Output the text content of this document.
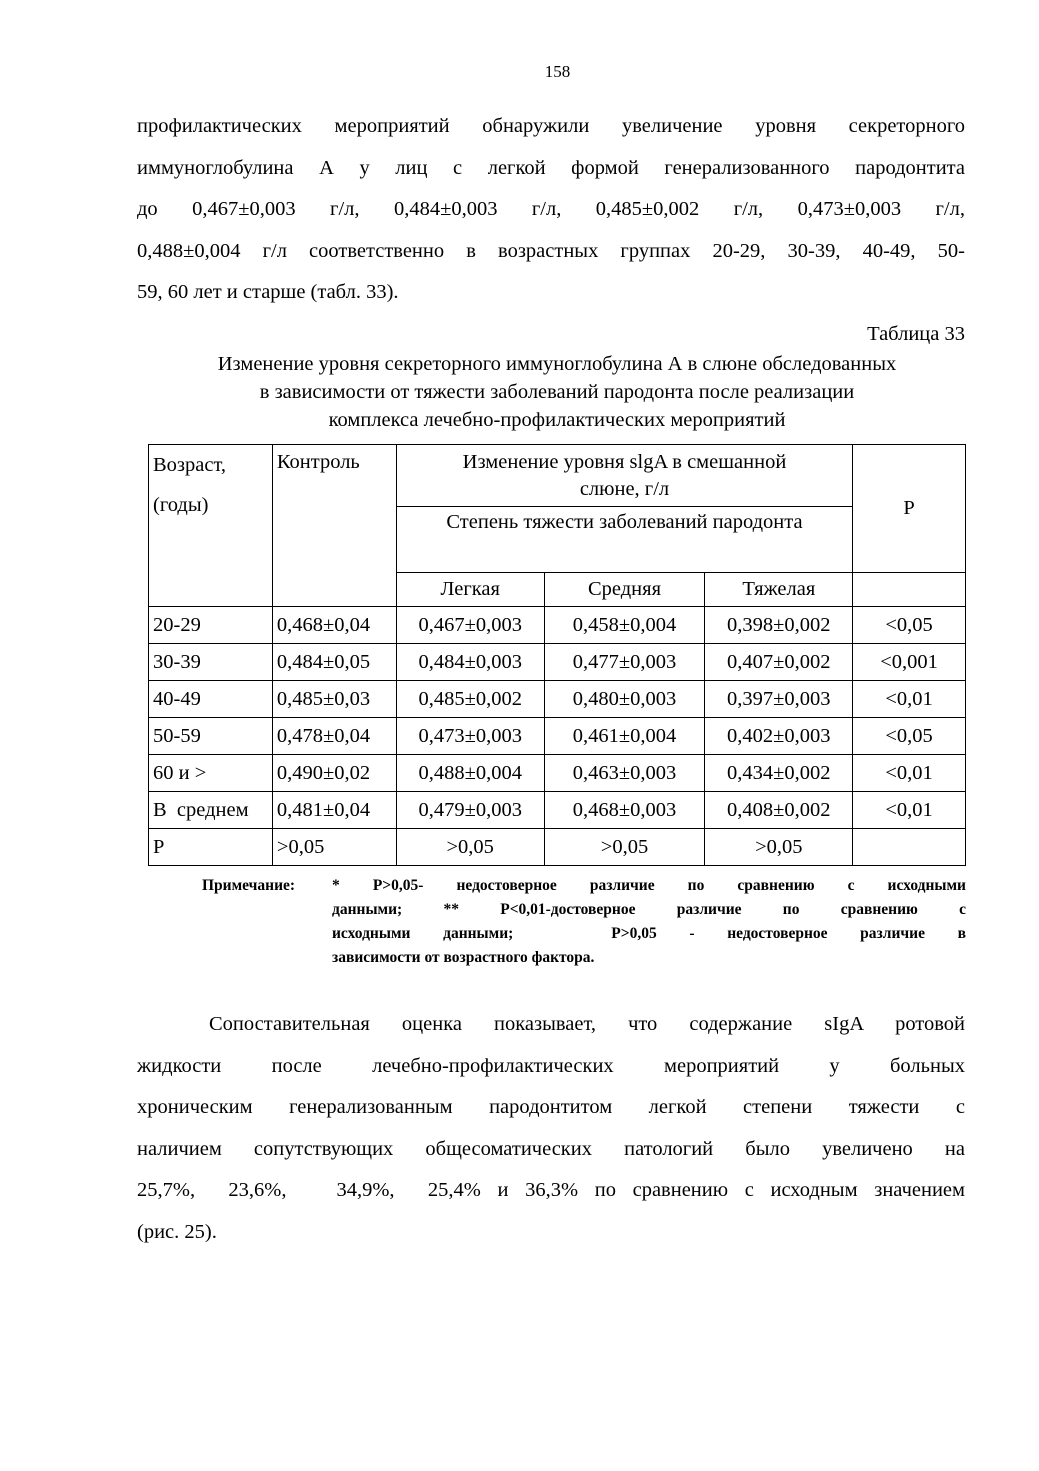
158
профилактических мероприятий обнаружили увеличение уровня секреторного
иммуноглобулина А у лиц с легкой формой генерализованного пародонтита
до 0,467±0,003 г/л, 0,484±0,003 г/л, 0,485±0,002 г/л, 0,473±0,003 г/л,
0,488±0,004 г/л соответственно в возрастных группах 20-29, 30-39, 40-49, 50-
59, 60 лет и старше (табл. 33).
Таблица 33
Изменение уровня секреторного иммуноглобулина А в слюне обследованных
в зависимости от тяжести заболеваний пародонта после реализации
комплекса лечебно-профилактических мероприятий
Возраст,
(годы)	Контроль	Изменение уровня slgA в смешанной слюне, г/л			P
		Степень тяжести заболеваний пародонта			
		Легкая	Средняя	Тяжелая	
20-29	0,468±0,04	0,467±0,003	0,458±0,004	0,398±0,002	<0,05
30-39	0,484±0,05	0,484±0,003	0,477±0,003	0,407±0,002	<0,001
40-49	0,485±0,03	0,485±0,002	0,480±0,003	0,397±0,003	<0,01
50-59	0,478±0,04	0,473±0,003	0,461±0,004	0,402±0,003	<0,05
60 и >	0,490±0,02	0,488±0,004	0,463±0,003	0,434±0,002	<0,01
В  среднем	0,481±0,04	0,479±0,003	0,468±0,003	0,408±0,002	<0,01
P	>0,05	>0,05	>0,05	>0,05	
Примечание: * P>0,05- недостоверное различие по сравнению с исходными
данными; ** P<0,01-достоверное различие по сравнению с
исходными данными;   P>0,05 - недостоверное различие в
зависимости от возрастного фактора.
Сопоставительная оценка показывает, что содержание sIgA ротовой
жидкости после лечебно-профилактических мероприятий у больных
хроническим генерализованным пародонтитом легкой степени тяжести с
наличием сопутствующих общесоматических патологий было увеличено на
25,7%,  23,6%,   34,9%,  25,4% и 36,3% по сравнению с исходным значением
(рис. 25).
